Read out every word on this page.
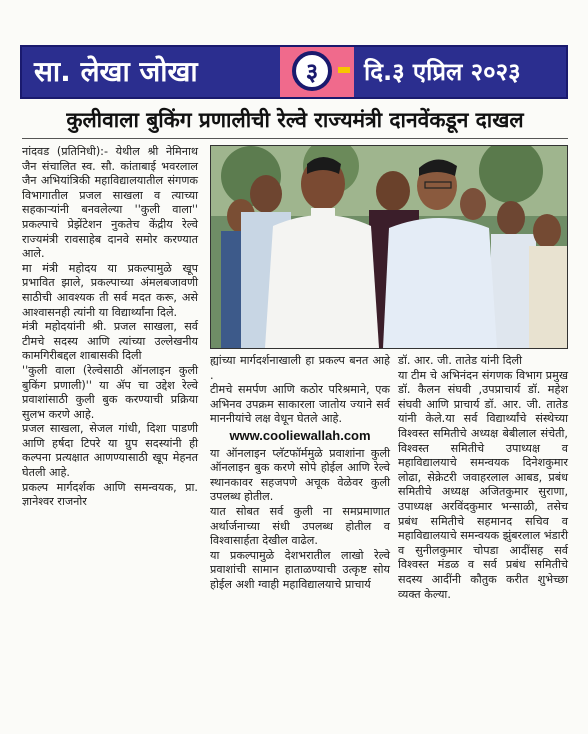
सा. लेखा जोखा	३	दि.३ एप्रिल २०२३
कुलीवाला बुकिंग प्रणालीची रेल्वे राज्यमंत्री दानवेंकडून दाखल

नांदवड (प्रतिनिधी):- येथील श्री नेमिनाथ जैन संचालित स्व. सौ. कांताबाई भवरलाल जैन अभियांत्रिकी महाविद्यालयातील संगणक विभागातील प्रजल साखला व त्याच्या सहकाऱ्यांनी बनवलेल्या ''कुली वाला'' प्रकल्पाचे प्रेझेंटेशन नुकतेच केंद्रीय रेल्वे राज्यमंत्री रावसाहेब दानवे समोर करण्यात आले.

मा मंत्री महोदय या प्रकल्पामुळे खूप प्रभावित झाले, प्रकल्पाच्या अंमलबजावणी साठीची आवश्यक ती सर्व मदत करू, असे आश्वासनही त्यांनी या विद्यार्थ्यांना दिले.

मंत्री महोदयांनी श्री. प्रजल साखला, सर्व टीमचे सदस्य आणि त्यांच्या उल्लेखनीय कामगिरीबद्दल शाबासकी दिली

''कुली वाला (रेल्वेसाठी ऑनलाइन कुली बुकिंग प्रणाली)'' या ॲप चा उद्देश रेल्वे प्रवाशांसाठी कुली बुक करण्याची प्रक्रिया सुलभ करणे आहे.

प्रजल साखला, सेजल गांधी, दिशा पाडणी आणि हर्षदा टिपरे या ग्रुप सदस्यांनी ही कल्पना प्रत्यक्षात आणण्यासाठी खूप मेहनत घेतली आहे.

प्रकल्प मार्गदर्शक आणि समन्वयक, प्रा. ज्ञानेश्वर राजनोर

ह्यांच्या मार्गदर्शनाखाली हा प्रकल्प बनत आहे .

टीमचे समर्पण आणि कठोर परिश्रमाने, एक अभिनव उपक्रम साकारला जातोय ज्याने सर्व माननीयांचे लक्ष वेधून घेतले आहे.

www.cooliewallah.com

या ऑनलाइन प्लॅटफॉर्ममुळे प्रवाशांना कुली ऑनलाइन बुक करणे सोपे होईल आणि रेल्वे स्थानकावर सहजपणे अचूक वेळेवर कुली उपलब्ध होतील.

यात सोबत सर्व कुली ना समप्रमाणात अर्थार्जनाच्या संधी उपलब्ध होतील व विश्वासार्हता देखील वाढेल.

या प्रकल्पामुळे देशभरातील लाखो रेल्वे प्रवाशांची सामान हाताळण्याची उत्कृष्ट सोय होईल अशी ग्वाही महाविद्यालयाचे प्राचार्य

डॉ. आर. जी. तातेड यांनी दिली

या टीम चे अभिनंदन संगणक विभाग प्रमुख डॉ. कैलन संघवी ,उपप्राचार्य डॉ. महेश संघवी आणि प्राचार्य डॉ. आर. जी. तातेड यांनी केले.या सर्व विद्यार्थ्यांचे संस्थेच्या विश्वस्त समितीचे अध्यक्ष बेबीलाल संचेती, विश्वस्त समितीचे उपाध्यक्ष व महाविद्यालयाचे समन्वयक दिनेशकुमार लोढा, सेक्रेटरी जवाहरलाल आबड, प्रबंध समितीचे अध्यक्ष अजितकुमार सुराणा, उपाध्यक्ष अरविंदकुमार भन्साळी, तसेच प्रबंध समितीचे सहमानद सचिव व महाविद्यालयाचे समन्वयक झुंबरलाल भंडारी व सुनीलकुमार चोपडा आदींसह सर्व विश्वस्त मंडळ व सर्व प्रबंध समितीचे सदस्य आदींनी कौतुक करीत शुभेच्छा व्यक्त केल्या.
